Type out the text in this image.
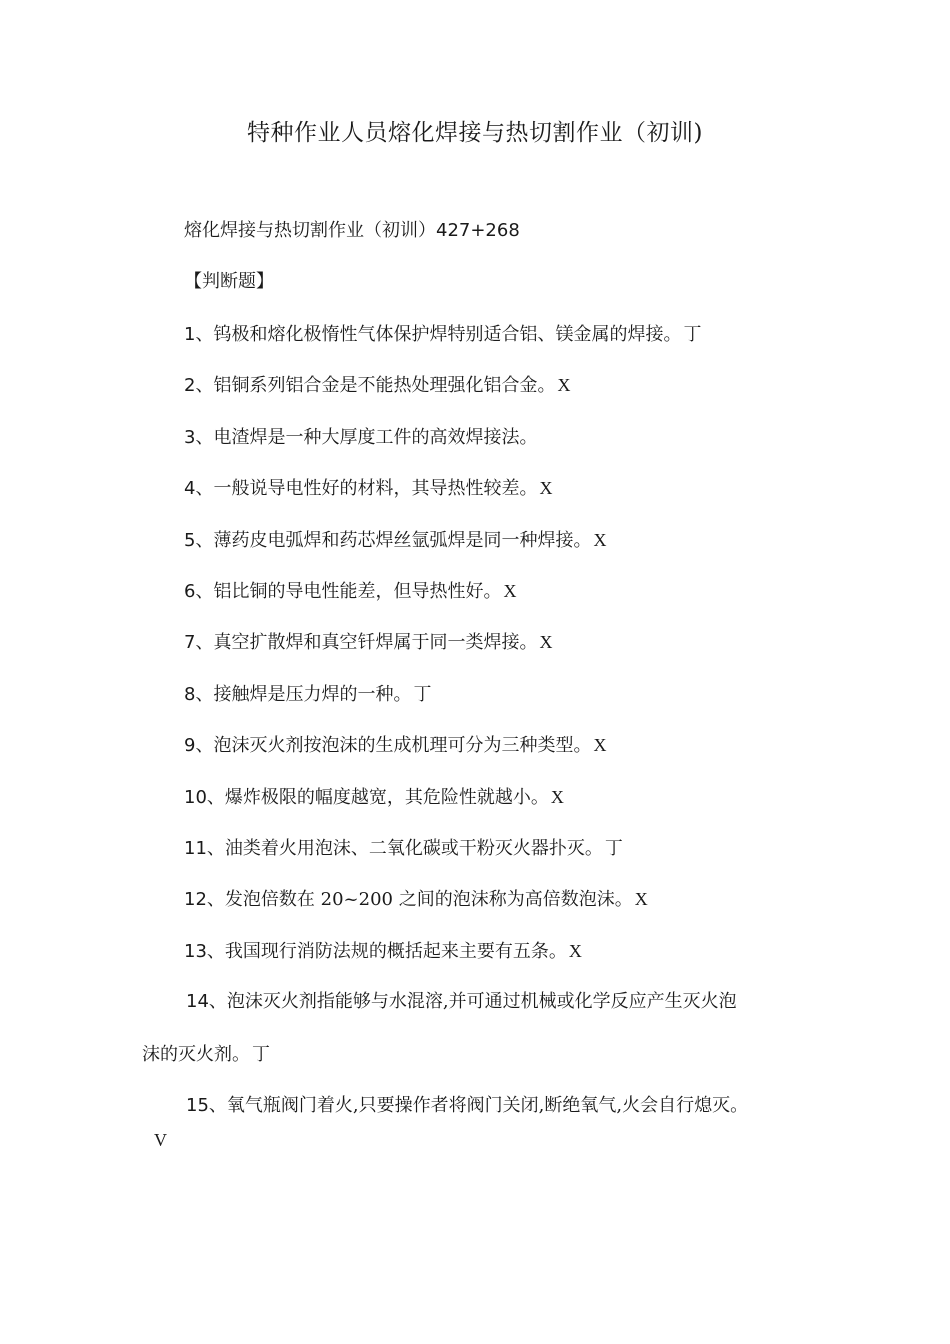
特种作业人员熔化焊接与热切割作业（初训)
熔化焊接与热切割作业（初训）427+268
【判断题】
1、钨极和熔化极惰性气体保护焊特别适合铝、镁金属的焊接。 丁
2、铝铜系列铝合金是不能热处理强化铝合金。 X
3、电渣焊是一种大厚度工件的高效焊接法。
4、一般说导电性好的材料，其导热性较差。 X
5、薄药皮电弧焊和药芯焊丝氩弧焊是同一种焊接。 X
6、铝比铜的导电性能差，但导热性好。 X
7、真空扩散焊和真空钎焊属于同一类焊接。 X
8、接触焊是压力焊的一种。 丁
9、泡沫灭火剂按泡沫的生成机理可分为三种类型。 X
10、爆炸极限的幅度越宽，其危险性就越小。 X
11、油类着火用泡沫、二氧化碳或干粉灭火器扑灭。 丁
12、发泡倍数在 20~200 之间的泡沫称为高倍数泡沫。 X
13、我国现行消防法规的概括起来主要有五条。 X
14、泡沫灭火剂指能够与水混溶,并可通过机械或化学反应产生灭火泡
沫的灭火剂。 丁
15、氧气瓶阀门着火,只要操作者将阀门关闭,断绝氧气,火会自行熄灭。
V
